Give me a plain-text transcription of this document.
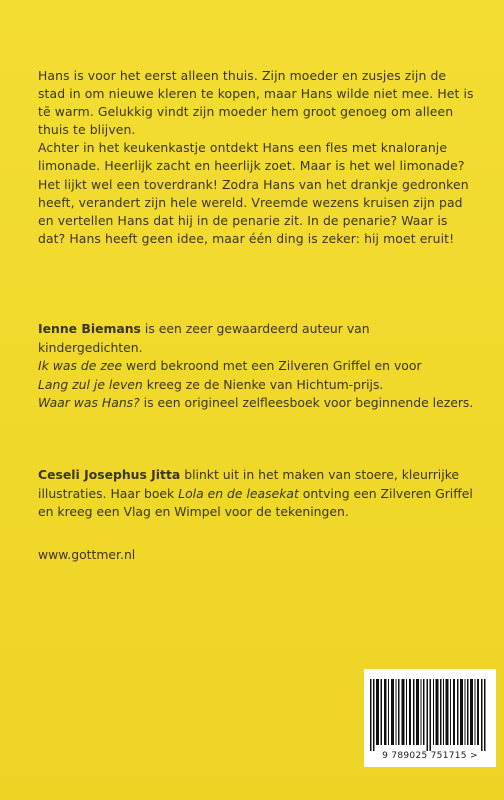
Hans is voor het eerst alleen thuis. Zijn moeder en zusjes zijn de stad in om nieuwe kleren te kopen, maar Hans wilde niet mee. Het is tē warm. Gelukkig vindt zijn moeder hem groot genoeg om alleen thuis te blijven.

Achter in het keukenkastje ontdekt Hans een fles met knaloranje limonade. Heerlijk zacht en heerlijk zoet. Maar is het wel limonade? Het lijkt wel een toverdrank! Zodra Hans van het drankje gedronken heeft, verandert zijn hele wereld. Vreemde wezens kruisen zijn pad en vertellen Hans dat hij in de penarie zit. In de penarie? Waar is dat? Hans heeft geen idee, maar één ding is zeker: hij moet eruit!

Ienne Biemans is een zeer gewaardeerd auteur van kindergedichten.
Ik was de zee werd bekroond met een Zilveren Griffel en voor
Lang zul je leven kreeg ze de Nienke van Hichtum-prijs.
Waar was Hans? is een origineel zelfleesboek voor beginnende lezers.

Ceseli Josephus Jitta blinkt uit in het maken van stoere, kleurrijke illustraties. Haar boek Lola en de leasekat ontving een Zilveren Griffel en kreeg een Vlag en Wimpel voor de tekeningen.

www.gottmer.nl
9 789025 751715 >
